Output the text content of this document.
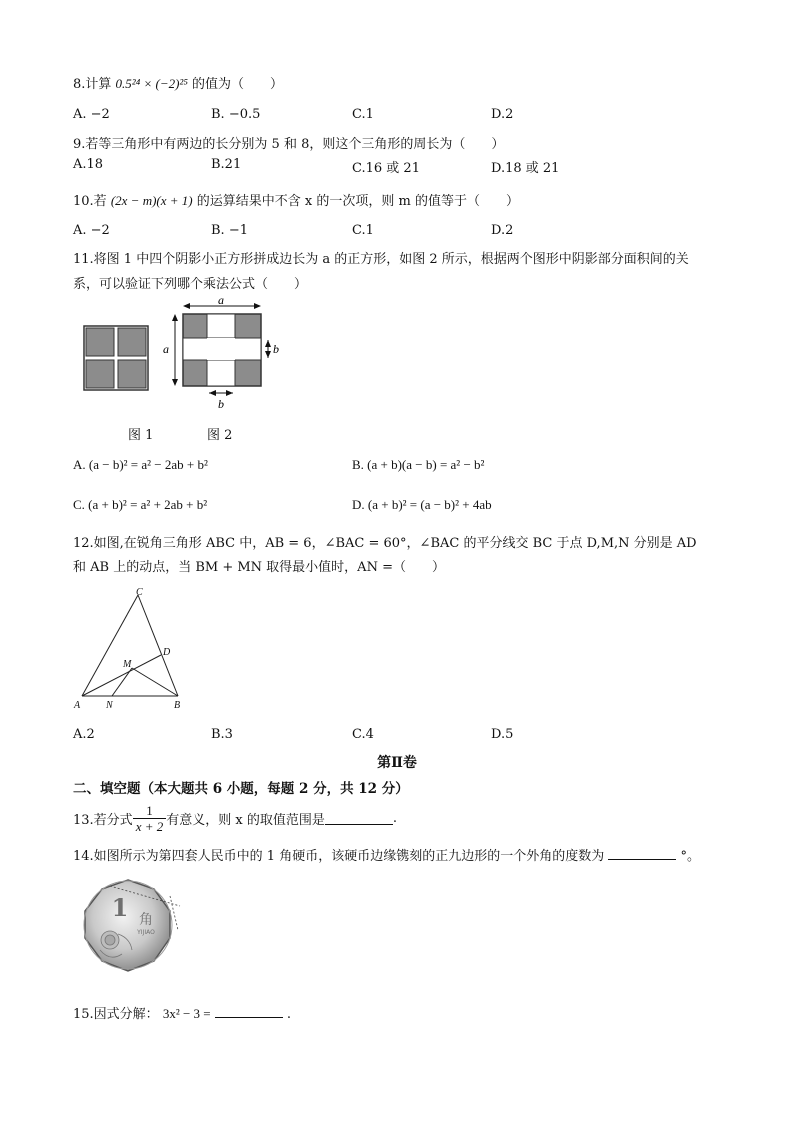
8.计算 0.5²⁴ × (−2)²⁵ 的值为（　　）
A. −2	B. −0.5	C.1	D.2
9.若等三角形中有两边的长分别为 5 和 8，则这个三角形的周长为（　　）
A.18	B.21	C.16 或 21	D.18 或 21
10.若 (2x − m)(x + 1) 的运算结果中不含 x 的一次项，则 m 的值等于（　　）
A. −2	B. −1	C.1	D.2
11.将图 1 中四个阴影小正方形拼成边长为 a 的正方形，如图 2 所示，根据两个图形中阴影部分面积间的关
系，可以验证下列哪个乘法公式（　　）
a
a	b
b
图 1	图 2
A. (a − b)² = a² − 2ab + b²	B. (a + b)(a − b) = a² − b²
C. (a + b)² = a² + 2ab + b²	D. (a + b)² = (a − b)² + 4ab
12.如图,在锐角三角形 ABC 中，AB = 6，∠BAC = 60°，∠BAC 的平分线交 BC 于点 D,M,N 分别是 AD
和 AB 上的动点，当 BM + MN 取得最小值时，AN =（　　）
A	B
C
D
M
N
A.2	B.3	C.4	D.5
第Ⅱ卷
二、填空题（本大题共 6 小题，每题 2 分，共 12 分）
13.若分式 $\frac{1}{x + 2}$ 有意义，则 x 的取值范围是	.
14.如图所示为第四套人民币中的 1 角硬币，该硬币边缘镌刻的正九边形的一个外角的度数为	°。
1 角
YIJIAO
15.因式分解： 3x² − 3 =	.
